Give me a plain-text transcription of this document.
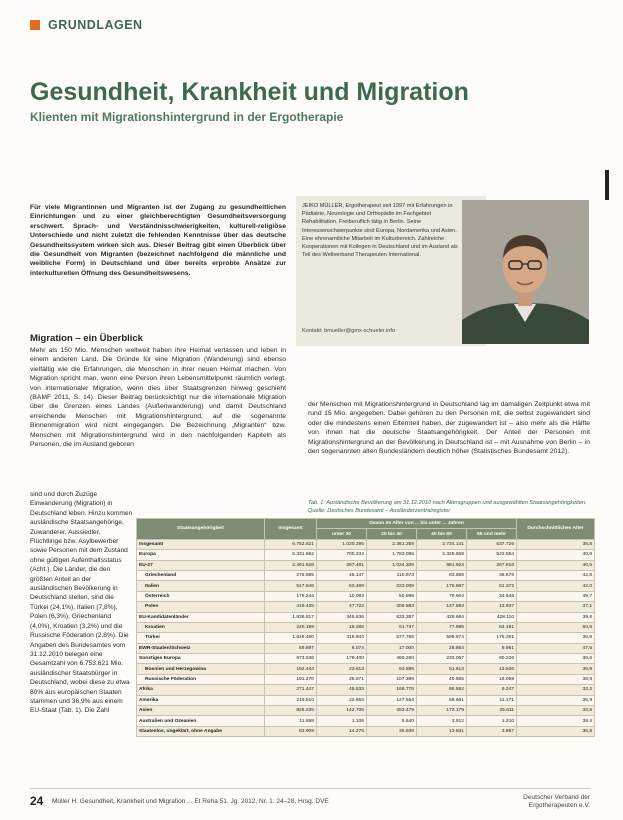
GRUNDLAGEN
Gesundheit, Krankheit und Migration
Klienten mit Migrationshintergrund in der Ergotherapie
Für viele Migrantinnen und Migranten ist der Zugang zu gesundheitlichen Einrichtungen und zu einer gleichberechtigten Gesundheitsversorgung erschwert. Sprach- und Verständnisschwierigkeiten, kulturell-religiöse Unterschiede und nicht zuletzt die fehlenden Kenntnisse über das deutsche Gesundheitssystem wirken sich aus. Dieser Beitrag gibt einen Überblick über die Gesundheit von Migranten (bezeichnet nachfolgend die männliche und weibliche Form) in Deutschland und über bereits erprobte Ansätze zur interkulturellen Öffnung des Gesundheitswesens.
JEIKO MÜLLER, Ergotherapeut seit 1997 mit Erfahrungen in Pädiatrie, Neurologie und Orthopädie im Fachgebiet Rehabilitation. Freiberuflich tätig in Berlin. Seine Interessenschwerpunkte sind Europa, Nordamerika und Asien. Eine ehrenamtliche Mitarbeit im Kulturbereich. Zahlreiche Kooperationen mit Kollegen in Deutschland und im Ausland als Teil des Weltverband Therapeuten International.
Kontakt: bmueller@gmx-schueler.info
Migration – ein Überblick
Mehr als 150 Mio. Menschen weltweit haben ihre Heimat verlassen und leben in einem anderen Land. Die Gründe für eine Migration (Wanderung) sind ebenso vielfältig wie die Erfahrungen, die Menschen in ihrer neuen Heimat machen. Von Migration spricht man, wenn eine Person ihren Lebensmittelpunkt räumlich verlegt, von internationaler Migration, wenn dies über Staatsgrenzen hinweg geschieht (BAMF 2011, S. 14). Dieser Beitrag berücksichtigt nur die internationale Migration über die Grenzen eines Landes (Außenwanderung) und damit Deutschland erreichende Menschen mit Migrationshintergrund, auf die sogenannte Binnenmigration wird nicht eingegangen. Die Bezeichnung „Migranten“ bzw. Menschen mit Migrationshintergrund wird in den nachfolgenden Kapiteln als Personen, die im Ausland geboren
sind und durch Zuzüge Einwanderung (Migration) in Deutschland leben. Hinzu kommen ausländische Staatsangehörige, Zuwanderer, Aussiedler, Flüchtlinge bzw. Asylbewerber sowie Personen mit dem Zustand ohne gültigen Aufenthaltsstatus (Acht.). Die Länder, die den größten Anteil an der ausländischen Bevölkerung in Deutschland stellen, sind die Türkei (24,1%), Italien (7,8%), Polen (6,3%), Griechenland (4,0%), Kroatien (3,2%) und die Russische Föderation (2,8%). Die Angaben des Bundesamtes vom 31.12.2010 belegen eine Gesamtzahl von 6.753.621 Mio. ausländischer Staatsbürger in Deutschland, wobei diese zu etwa 80% aus europäischen Staaten stammen und 36,9% aus einem EU-Staat (Tab. 1). Die Zahl
der Menschen mit Migrationshintergrund in Deutschland lag im damaligen Zeitpunkt etwa mit rund 15 Mio. angegeben. Dabei gehören zu den Personen mit, die selbst zugewandert sind oder die mindestens einen Elternteil haben, der zugewandert ist – also mehr als die Hälfte von ihnen hat die deutsche Staatsangehörigkeit. Der Anteil der Personen mit Migrationshintergrund an der Bevölkerung in Deutschland ist – mit Ausnahme von Berlin – in den sogenannten alten Bundesländern deutlich höher (Statistisches Bundesamt 2012).
Tab. 1: Ausländische Bevölkerung am 31.12.2010 nach Altersgruppen und ausgewählten Staatsangehörigkeiten. Quelle: Deutsches Bundesamt – Ausländerzentralregister
Staatsangehörigkeit	Insgesamt	Davon im Alter von ... bis unter ... Jahren				Durchschnittliches Alter
		unter 20	20 bis 40	40 bis 65	65 und mehr	
Insgesamt	6.753.621	1.020.395	2.361.359	2.734.141	637.726	39,8
Europa	5.331.652	700.234	1.783.095	2.325.669	522.654	40,9
EU-27	2.461.528	287.481	1.024.308	881.923	267.816	40,5
Griechenland	276.685	45.147	110.973	83.889	36.676	42,8
Italien	517.546	63.469	223.008	179.697	51.372	42,0
Österreich	175.244	10.093	50.999	79.604	34.548	49,7
Polen	419.435	47.722	209.883	147.893	13.937	37,1
EU-Kandidatenländer	1.836.817	345.636	633.387	429.684	428.110	39,8
Kroatien	220.199	16.286	61.747	77.985	64.181	50,8
Türkei	1.629.480	318.944	577.765	599.874	175.361	38,9
EWR-Staaten/Schweiz	69.897	6.074	17.000	28.864	9.961	47,5
Sonstiges Europa	973.536	179.400	469.260	233.067	90.226	39,6
Bosnien und Herzegowina	152.444	23.813	63.895	51.613	13.536	39,9
Russische Föderation	191.270	25.871	107.369	40.565	18.069	38,9
Afrika	271.447	45.533	168.776	86.552	9.247	33,3
Amerika	216.510	22.864	127.554	58.661	11.171	35,9
Asien	826.235	142.705	453.479	172.179	25.611	33,6
Australien und Ozeanien	11.658	1.108	5.640	3.912	1.310	38,4
Staatenlos, ungeklärt, ohne Angabe	83.909	14.279	35.938	13.831	3.867	36,8
24 Müller H. Gesundheit, Krankheit und Migration ... Et Reha 51. Jg. 2012, Nr. 1: 24–28, Hrsg. DVE
Deutscher Verband der
Ergotherapeuten e.V.
